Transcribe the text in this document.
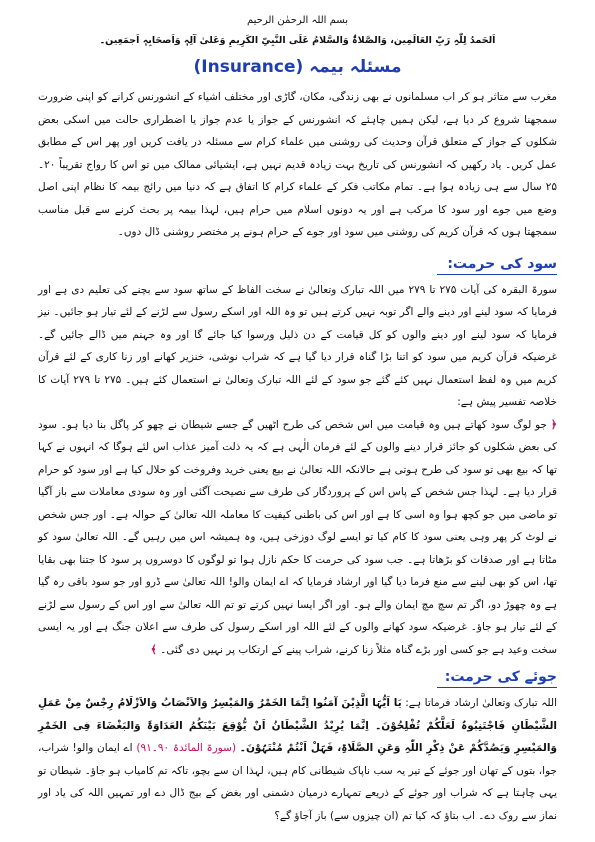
بسم اللہ الرحمٰن الرحیم
اَلحَمدُ لِلّٰہِ رَبِّ العَالَمِین، وَالصَّلاۃُ وَالسَّلامُ عَلَی النَّبِیِّ الکَرِیمِ وَعَلیٰ آلِہٖ وَاَصحَابِہٖ اَجمَعِین۔
مسئلہ بیمہ (Insurance)

مغرب سے متاثر ہو کر اب مسلمانوں نے بھی زندگی، مکان، گاڑی اور مختلف اشیاء کے انشورنس کرانے کو اپنی ضرورت سمجھنا شروع کر دیا ہے، لیکن ہمیں چاہئے کہ انشورنس کے جواز یا عدم جواز یا اضطراری حالت میں اسکی بعض شکلوں کے جواز کے متعلق قرآن وحدیث کی روشنی میں علماء کرام سے مسئلہ در یافت کریں اور پھر اس کے مطابق عمل کریں۔ یاد رکھیں کہ انشورنس کی تاریخ بہت زیادہ قدیم نہیں ہے، ایشیائی ممالک میں تو اس کا رواج تقریباً ۲۰۔۲۵ سال سے ہی زیادہ ہوا ہے۔ تمام مکاتب فکر کے علماء کرام کا اتفاق ہے کہ دنیا میں رائج بیمہ کا نظام اپنی اصل وضع میں جوے اور سود کا مرکب ہے اور یہ دونوں اسلام میں حرام ہیں، لہذا بیمہ پر بحث کرنے سے قبل مناسب سمجھتا ہوں کہ قرآن کریم کی روشنی میں سود اور جوے کے حرام ہونے پر مختصر روشنی ڈال دوں۔

سود کی حرمت:

سورۃ البقرہ کی آیات ۲۷۵ تا ۲۷۹ میں اللہ تبارک وتعالیٰ نے سخت الفاظ کے ساتھ سود سے بچنے کی تعلیم دی ہے اور فرمایا کہ سود لینے اور دینے والے اگر توبہ نہیں کرتے ہیں تو وہ اللہ اور اسکے رسول سے لڑنے کے لئے تیار ہو جائیں۔ نیز فرمایا کہ سود لینے اور دینے والوں کو کل قیامت کے دن ذلیل ورسوا کیا جائے گا اور وہ جہنم میں ڈالے جائیں گے۔ غرضیکہ قرآن کریم میں سود کو اتنا بڑا گناہ قرار دیا گیا ہے کہ شراب نوشی، خنزیر کھانے اور زنا کاری کے لئے قرآن کریم میں وہ لفظ استعمال نہیں کئے گئے جو سود کے لئے اللہ تبارک وتعالیٰ نے استعمال کئے ہیں۔ ۲۷۵ تا ۲۷۹ آیات کا خلاصہ تفسیر پیش ہے:

﴿ جو لوگ سود کھاتے ہیں وہ قیامت میں اس شخص کی طرح اٹھیں گے جسے شیطان نے چھو کر پاگل بنا دیا ہو۔ سود کی بعض شکلوں کو جائز قرار دینے والوں کے لئے فرمان الٰہی ہے کہ یہ ذلت آمیز عذاب اس لئے ہوگا کہ انہوں نے کہا تھا کہ بیع بھی تو سود کی طرح ہوتی ہے حالانکہ اللہ تعالیٰ نے بیع یعنی خرید وفروخت کو حلال کیا ہے اور سود کو حرام قرار دیا ہے۔ لہذا جس شخص کے پاس اس کے پروردگار کی طرف سے نصیحت آگئی اور وہ سودی معاملات سے باز آگیا تو ماضی میں جو کچھ ہوا وہ اسی کا ہے اور اس کی باطنی کیفیت کا معاملہ اللہ تعالیٰ کے حوالہ ہے۔ اور جس شخص نے لوٹ کر پھر وہی یعنی سود کا کام کیا تو ایسے لوگ دوزخی ہیں، وہ ہمیشہ اس میں رہیں گے۔ اللہ تعالیٰ سود کو مٹاتا ہے اور صدقات کو بڑھاتا ہے۔ جب سود کی حرمت کا حکم نازل ہوا تو لوگوں کا دوسروں پر سود کا جتنا بھی بقایا تھا، اس کو بھی لینے سے منع فرما دیا گیا اور ارشاد فرمایا کہ اے ایمان والو! اللہ تعالیٰ سے ڈرو اور جو سود باقی رہ گیا ہے وہ چھوڑ دو، اگر تم سچ مچ ایمان والے ہو۔ اور اگر ایسا نہیں کرتے تو تم اللہ تعالیٰ سے اور اس کے رسول سے لڑنے کے لئے تیار ہو جاؤ۔ غرضیکہ سود کھانے والوں کے لئے اللہ اور اسکے رسول کی طرف سے اعلان جنگ ہے اور یہ ایسی سخت وعید ہے جو کسی اور بڑے گناہ مثلاً زنا کرنے، شراب پینے کے ارتکاب پر نہیں دی گئی۔ ﴾

جوئے کی حرمت:

اللہ تبارک وتعالیٰ ارشاد فرماتا ہے: یَا اَیُّہَا الَّذِیْنَ آمَنُوا اِنَّمَا الخَمْرُ وَالمَیْسِرُ وَالاَنْصَابُ وَالاَزْلَامُ رِجْسٌ مِنْ عَمَلِ الشَّیْطَانِ فَاجْتَنِبُوہُ لَعَلَّکُمْ تُفْلِحُوْنَ۔ اِنَّمَا یُرِیْدُ الشَّیْطَانُ اَنْ یُّوْقِعَ بَیْنَکُمُ العَدَاوَۃَ وَالبَغْضَاءَ فِی الخَمْرِ وَالمَیْسِرِ وَیَصُدَّکُمْ عَنْ ذِکْرِ اللّٰہِ وَعَنِ الصَّلَاۃِ، فَہَلْ اَنْتُمْ مُنْتَہُوْنَ۔ (سورۃ المائدۃ ۹۰۔۹۱) اے ایمان والو! شراب، جوا، بتوں کے تھان اور جوئے کے تیر یہ سب ناپاک شیطانی کام ہیں، لہذا ان سے بچو، تاکہ تم کامیاب ہو جاؤ۔ شیطان تو یہی چاہتا ہے کہ شراب اور جوئے کے ذریعے تمہارے درمیان دشمنی اور بغض کے بیج ڈال دے اور تمہیں اللہ کی یاد اور نماز سے روک دے۔ اب بتاؤ کہ کیا تم (ان چیزوں سے) باز آجاؤ گے؟
